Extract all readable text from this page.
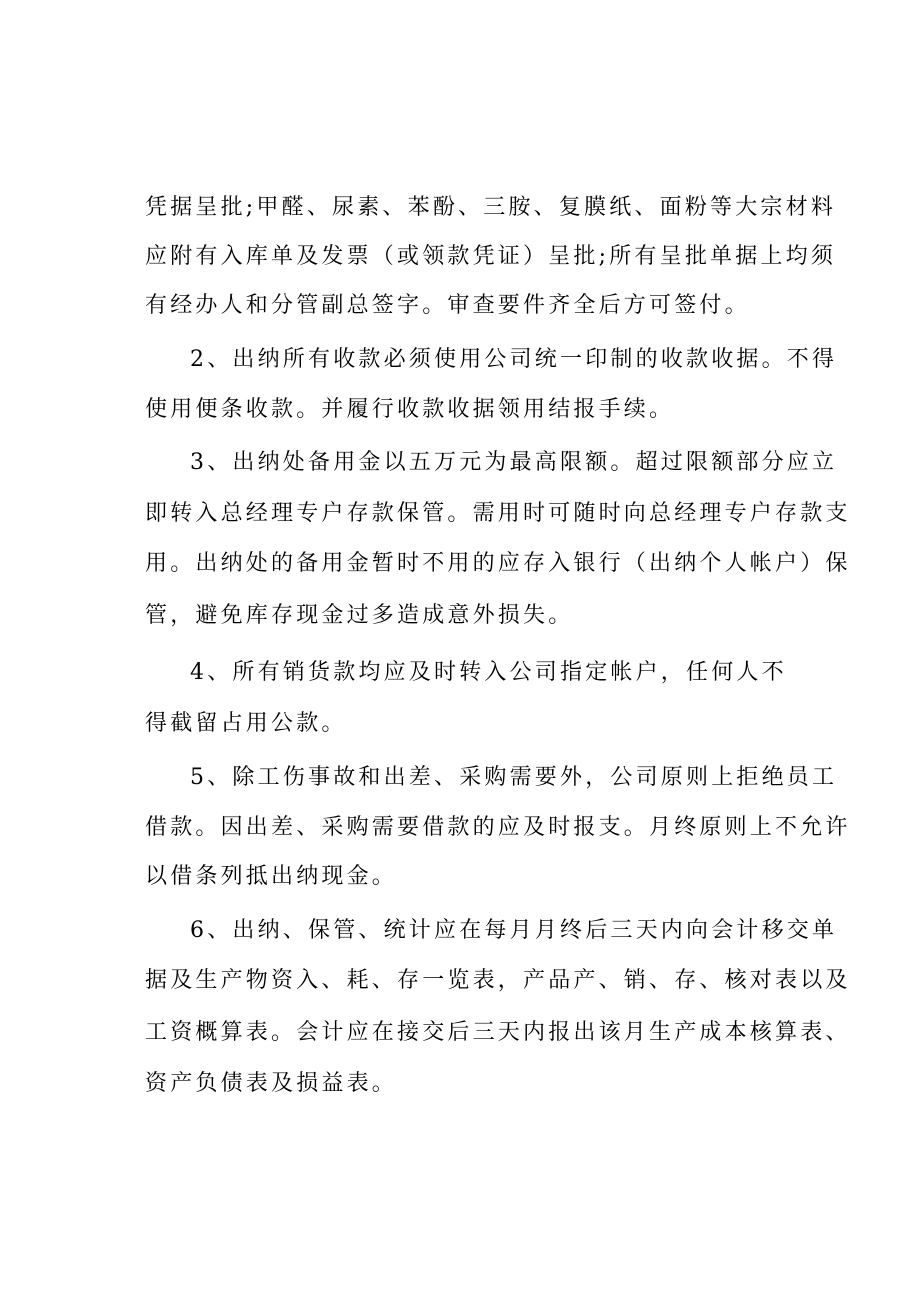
凭据呈批;甲醛、尿素、苯酚、三胺、复膜纸、面粉等大宗材料
应附有入库单及发票（或领款凭证）呈批;所有呈批单据上均须
有经办人和分管副总签字。审查要件齐全后方可签付。
2、出纳所有收款必须使用公司统一印制的收款收据。不得
使用便条收款。并履行收款收据领用结报手续。
3、出纳处备用金以五万元为最高限额。超过限额部分应立
即转入总经理专户存款保管。需用时可随时向总经理专户存款支
用。出纳处的备用金暂时不用的应存入银行（出纳个人帐户）保
管，避免库存现金过多造成意外损失。
4、所有销货款均应及时转入公司指定帐户，任何人不
得截留占用公款。
5、除工伤事故和出差、采购需要外，公司原则上拒绝员工
借款。因出差、采购需要借款的应及时报支。月终原则上不允许
以借条列抵出纳现金。
6、出纳、保管、统计应在每月月终后三天内向会计移交单
据及生产物资入、耗、存一览表，产品产、销、存、核对表以及
工资概算表。会计应在接交后三天内报出该月生产成本核算表、
资产负债表及损益表。
